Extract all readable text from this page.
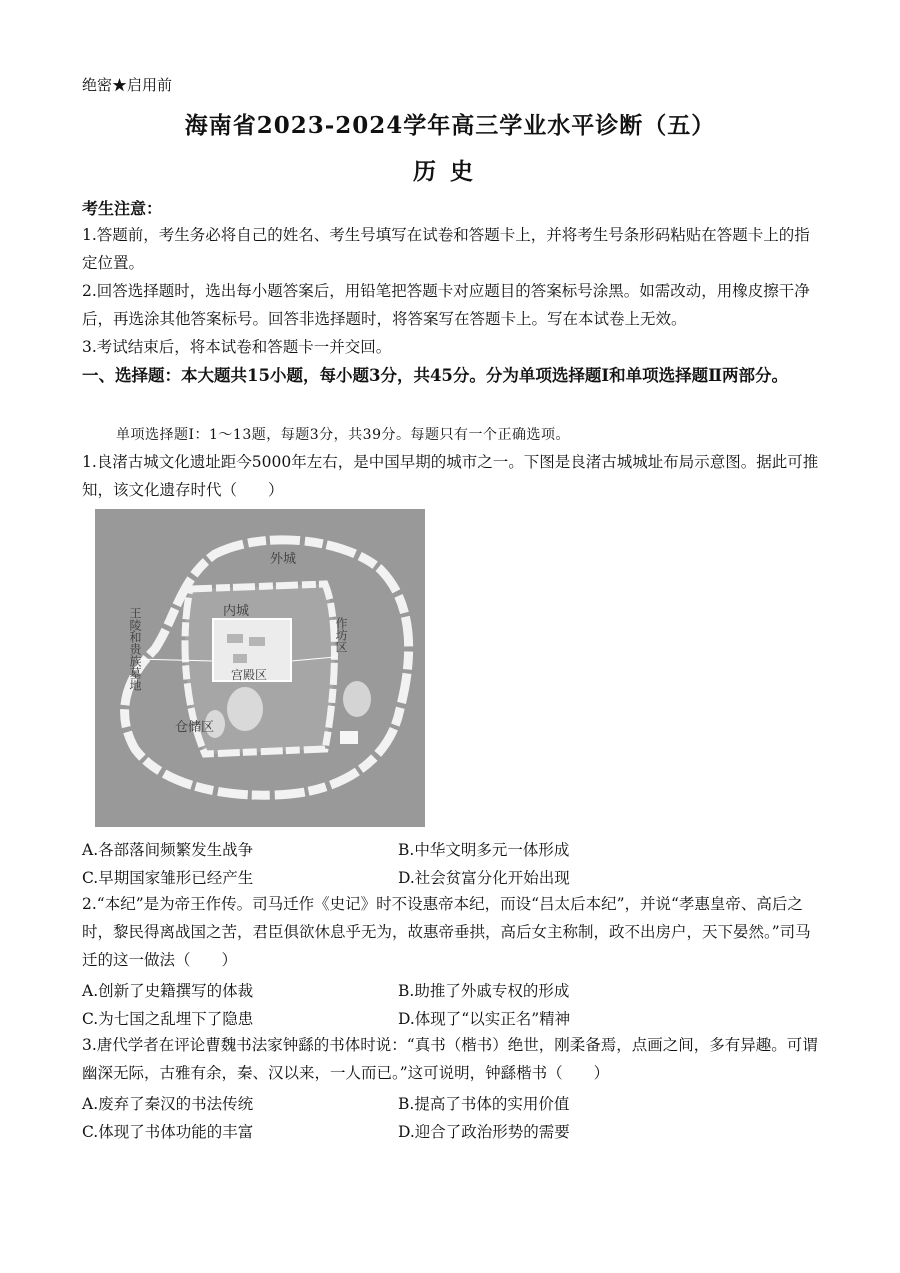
绝密★启用前
海南省2023-2024学年高三学业水平诊断（五）
历史
考生注意：

1.答题前，考生务必将自己的姓名、考生号填写在试卷和答题卡上，并将考生号条形码粘贴在答题卡上的指定位置。

2.回答选择题时，选出每小题答案后，用铅笔把答题卡对应题目的答案标号涂黑。如需改动，用橡皮擦干净后，再选涂其他答案标号。回答非选择题时，将答案写在答题卡上。写在本试卷上无效。

3.考试结束后，将本试卷和答题卡一并交回。

一、选择题：本大题共15小题，每小题3分，共45分。分为单项选择题Ⅰ和单项选择题Ⅱ两部分。

单项选择题Ⅰ：1～13题，每题3分，共39分。每题只有一个正确选项。

1.良渚古城文化遗址距今5000年左右，是中国早期的城市之一。下图是良渚古城城址布局示意图。据此可推知，该文化遗存时代（　　）

外城
内城
宫殿区
仓储区
作坊区
王陵和贵族墓地
A.各部落间频繁发生战争	B.中华文明多元一体形成
C.早期国家雏形已经产生	D.社会贫富分化开始出现

2.“本纪”是为帝王作传。司马迁作《史记》时不设惠帝本纪，而设“吕太后本纪”，并说“孝惠皇帝、高后之时，黎民得离战国之苦，君臣俱欲休息乎无为，故惠帝垂拱，高后女主称制，政不出房户，天下晏然。”司马迁的这一做法（　　）

A.创新了史籍撰写的体裁	B.助推了外戚专权的形成
C.为七国之乱埋下了隐患	D.体现了“以实正名”精神

3.唐代学者在评论曹魏书法家钟繇的书体时说：“真书（楷书）绝世，刚柔备焉，点画之间，多有异趣。可谓幽深无际，古雅有余，秦、汉以来，一人而已。”这可说明，钟繇楷书（　　）

A.废弃了秦汉的书法传统	B.提高了书体的实用价值
C.体现了书体功能的丰富	D.迎合了政治形势的需要
